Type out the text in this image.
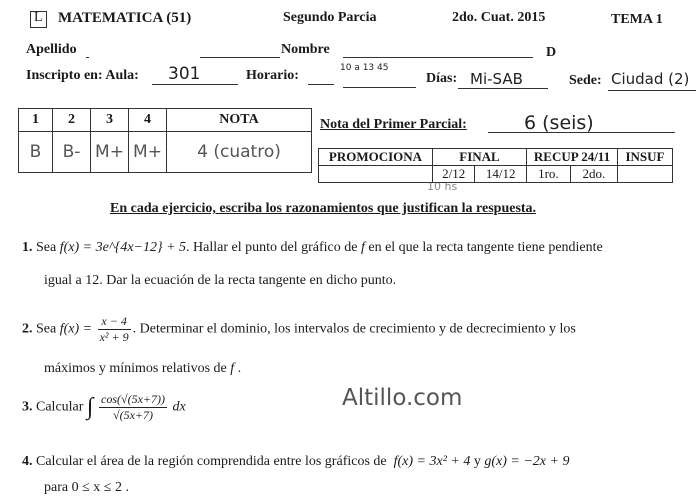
L MATEMATICA (51)	Segundo Parcia	2do. Cuat. 2015	TEMA 1
Apellido	Nombre	D
Inscripto en: Aula: 301	Horario:	10 a 13 45
Días: Mi-SAB	Sede: Ciudad (2)
1	2	3	4	NOTA
B	B-	M+	M+	4 (cuatro)
Nota del Primer Parcial:	6 (seis)
10 hs
PROMOCIONA	FINAL		RECUP 24/11		INSUF
	2/12	14/12	1ro.	2do.	
En cada ejercicio, escriba los razonamientos que justifican la respuesta.
1. Sea f(x) = 3e^{4x−12} + 5. Hallar el punto del gráfico de f en el que la recta tangente tiene pendiente
igual a 12. Dar la ecuación de la recta tangente en dicho punto.
2. Sea $f(x) = \frac{x - 4}{\text{x² + 9}}$ . Determinar el dominio, los intervalos de crecimiento y de decrecimiento y los
máximos y mínimos relativos de f .
3. Calcular ∫ $\frac{\cos(√(5x+7))}{√(5x+7)}$ dx	Altillo.com
4. Calcular el área de la región comprendida entre los gráficos de f(x) = 3x² + 4 y g(x) = −2x + 9
para 0 ≤ x ≤ 2 .
